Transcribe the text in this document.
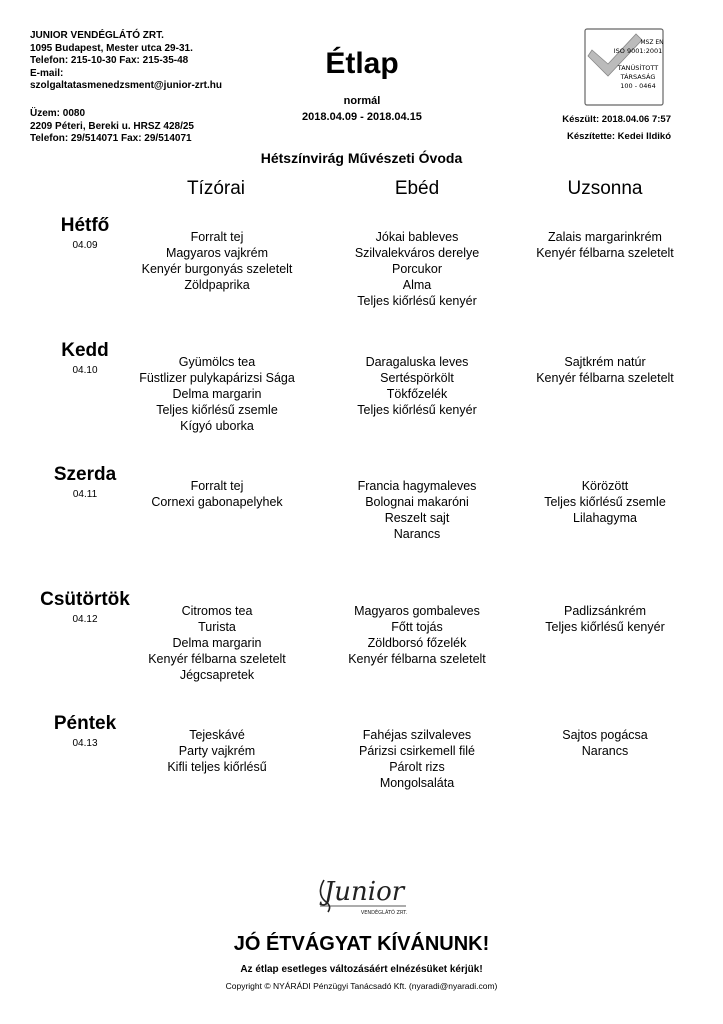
JUNIOR VENDÉGLÁTÓ ZRT.
1095 Budapest, Mester utca 29-31.
Telefon: 215-10-30 Fax: 215-35-48
E-mail:
szolgaltatasmenedzsment@junior-zrt.hu
Üzem: 0080
2209 Péteri, Bereki u. HRSZ 428/25
Telefon: 29/514071 Fax: 29/514071
Étlap
normál
2018.04.09 - 2018.04.15
MSZ EN
ISO 9001:2001
TANÚSÍTOTT
TÁRSASÁG
100 - 0464
Készült: 2018.04.06 7:57
Készítette: Kedei Ildikó
Hétszínvirág Művészeti Óvoda
Tízórai	Ebéd	Uzsonna
Hétfő
04.09
Forralt tej
Magyaros vajkrém
Kenyér burgonyás szeletelt
Zöldpaprika
Jókai bableves
Szilvalekváros derelye
Porcukor
Alma
Teljes kiőrlésű kenyér
Zalais margarinkrém
Kenyér félbarna szeletelt
Kedd
04.10
Gyümölcs tea
Füstlizer pulykapárizsi Sága
Delma margarin
Teljes kiőrlésű zsemle
Kígyó uborka
Daragaluska leves
Sertéspörkölt
Tökfőzelék
Teljes kiőrlésű kenyér
Sajtkrém natúr
Kenyér félbarna szeletelt
Szerda
04.11
Forralt tej
Cornexi gabonapelyhek
Francia hagymaleves
Bolognai makaróni
Reszelt sajt
Narancs
Körözött
Teljes kiőrlésű zsemle
Lilahagyma
Csütörtök
04.12
Citromos tea
Turista
Delma margarin
Kenyér félbarna szeletelt
Jégcsapretek
Magyaros gombaleves
Főtt tojás
Zöldborsó főzelék
Kenyér félbarna szeletelt
Padlizsánkrém
Teljes kiőrlésű kenyér
Péntek
04.13
Tejeskávé
Party vajkrém
Kifli teljes kiőrlésű
Fahéjas szilvaleves
Párizsi csirkemell filé
Párolt rizs
Mongolsaláta
Sajtos pogácsa
Narancs
Junior
VENDÉGLÁTÓ ZRT.
JÓ ÉTVÁGYAT KÍVÁNUNK!
Az étlap esetleges változásáért elnézésüket kérjük!
Copyright © NYÁRÁDI Pénzügyi Tanácsadó Kft. (nyaradi@nyaradi.com)
